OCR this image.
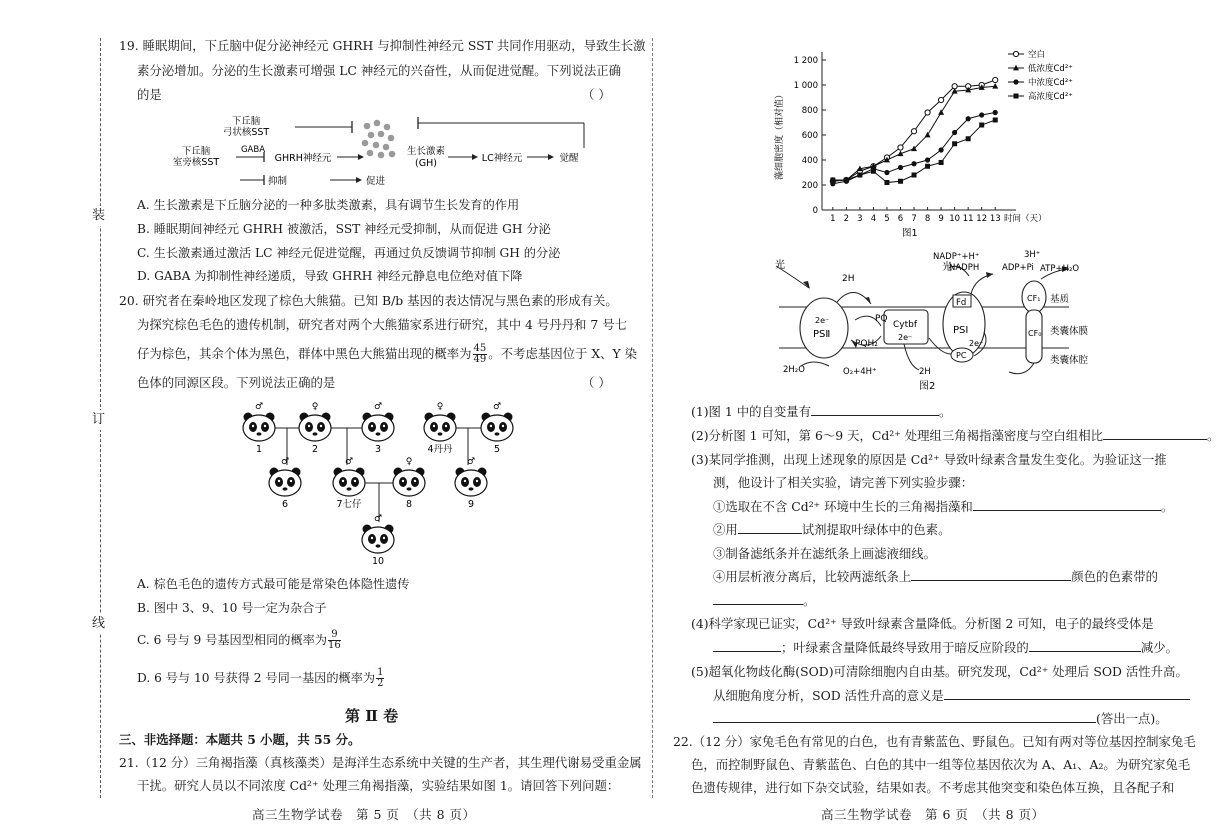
装
订
线
19. 睡眠期间，下丘脑中促分泌神经元 GHRH 与抑制性神经元 SST 共同作用驱动，导致生长激
素分泌增加。分泌的生长激素可增强 LC 神经元的兴奋性，从而促进觉醒。下列说法正确
的是	（ ）
下丘脑
弓状核SST
下丘脑
室旁核SST
GABA
GHRH神经元
生长激素
(GH)	LC神经元	觉醒
抑制	促进
A. 生长激素是下丘脑分泌的一种多肽类激素，具有调节生长发育的作用
B. 睡眠期间神经元 GHRH 被激活，SST 神经元受抑制，从而促进 GH 分泌
C. 生长激素通过激活 LC 神经元促进觉醒，再通过负反馈调节抑制 GH 的分泌
D. GABA 为抑制性神经递质，导致 GHRH 神经元静息电位绝对值下降
20. 研究者在秦岭地区发现了棕色大熊猫。已知 B/b 基因的表达情况与黑色素的形成有关。
为探究棕色毛色的遗传机制，研究者对两个大熊猫家系进行研究，其中 4 号丹丹和 7 号七
仔为棕色，其余个体为黑色，群体中黑色大熊猫出现的概率为 $\frac{45}{49}$ 。不考虑基因位于 X、Y 染
色体的同源区段。下列说法正确的是	（ ）
♂
1
♀
2
♂
3
♀
4丹丹
♂
5
♂
6
♂
7七仔
♀
8
♂
9
♂
10
A. 棕色毛色的遗传方式最可能是常染色体隐性遗传
B. 图中 3、9、10 号一定为杂合子
C. 6 号与 9 号基因型相同的概率为 $\frac{9}{16}$
D. 6 号与 10 号获得 2 号同一基因的概率为 $\frac{1}{2}$
第 Ⅱ 卷
三、非选择题：本题共 5 小题，共 55 分。
21.（12 分）三角褐指藻（真核藻类）是海洋生态系统中关键的生产者，其生理代谢易受重金属
干扰。研究人员以不同浓度 Cd²⁺ 处理三角褐指藻，实验结果如图 1。请回答下列问题：
高三生物学试卷　第 5 页　（共 8 页）
0
200
400
600
800
1 000
1 200
1 2 3 4 5 6 7 8 9 10 11 12 13 时间（天）
藻细胞密度（相对值）
图1
空白
低浓度Cd²⁺
中浓度Cd²⁺
高浓度Cd²⁺
光	光
2H
NADP⁺+H⁺
NADPH	ADP+Pi ATP+H₂O
3H⁺
基质
类囊体膜
类囊体腔
PSⅡ	PSⅠ
2e⁻
2e⁻
2e⁻
PQ
PQH₂
Cytbf
Fd
PC
CF₁
CF₀
2H₂O	O₂+4H⁺	2H
图2
(1)图 1 中的自变量有	。
(2)分析图 1 可知，第 6～9 天，Cd²⁺ 处理组三角褐指藻密度与空白组相比	。
(3)某同学推测，出现上述现象的原因是 Cd²⁺ 导致叶绿素含量发生变化。为验证这一推
测，他设计了相关实验，请完善下列实验步骤：
①选取在不含 Cd²⁺ 环境中生长的三角褐指藻和	。
②用	试剂提取叶绿体中的色素。
③制备滤纸条并在滤纸条上画滤液细线。
④用层析液分离后，比较两滤纸条上	颜色的色素带的
。
(4)科学家现已证实，Cd²⁺ 导致叶绿素含量降低。分析图 2 可知，电子的最终受体是
；叶绿素含量降低最终导致用于暗反应阶段的	减少。
(5)超氧化物歧化酶(SOD)可清除细胞内自由基。研究发现，Cd²⁺ 处理后 SOD 活性升高。
从细胞角度分析，SOD 活性升高的意义是
(答出一点)。
22.（12 分）家兔毛色有常见的白色，也有青紫蓝色、野鼠色。已知有两对等位基因控制家兔毛
色，而控制野鼠色、青紫蓝色、白色的其中一组等位基因依次为 A、A₁、A₂。为研究家兔毛
色遗传规律，进行如下杂交试验，结果如表。不考虑其他突变和染色体互换，且各配子和
高三生物学试卷　第 6 页　（共 8 页）
